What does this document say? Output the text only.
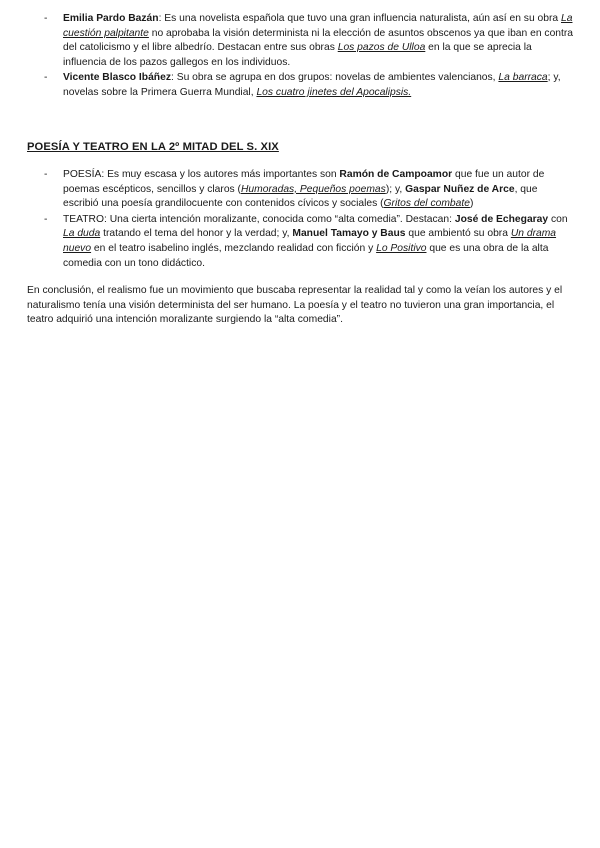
- Emilia Pardo Bazán: Es una novelista española que tuvo una gran influencia naturalista, aún así en su obra La cuestión palpitante no aprobaba la visión determinista ni la elección de asuntos obscenos ya que iban en contra del catolicismo y el libre albedrío. Destacan entre sus obras Los pazos de Ulloa en la que se aprecia la influencia de los pazos gallegos en los individuos.
- Vicente Blasco Ibáñez: Su obra se agrupa en dos grupos: novelas de ambientes valencianos, La barraca; y, novelas sobre la Primera Guerra Mundial, Los cuatro jinetes del Apocalipsis.
POESÍA Y TEATRO EN LA 2º MITAD DEL S. XIX
- POESÍA: Es muy escasa y los autores más importantes son Ramón de Campoamor que fue un autor de poemas escépticos, sencillos y claros (Humoradas, Pequeños poemas); y, Gaspar Nuñez de Arce, que escribió una poesía grandilocuente con contenidos cívicos y sociales (Gritos del combate)
- TEATRO: Una cierta intención moralizante, conocida como “alta comedia”. Destacan: José de Echegaray con La duda tratando el tema del honor y la verdad; y, Manuel Tamayo y Baus que ambientó su obra Un drama nuevo en el teatro isabelino inglés, mezclando realidad con ficción y Lo Positivo que es una obra de la alta comedia con un tono didáctico.

En conclusión, el realismo fue un movimiento que buscaba representar la realidad tal y como la veían los autores y el naturalismo tenía una visión determinista del ser humano. La poesía y el teatro no tuvieron una gran importancia, el teatro adquirió una intención moralizante surgiendo la “alta comedia”.
